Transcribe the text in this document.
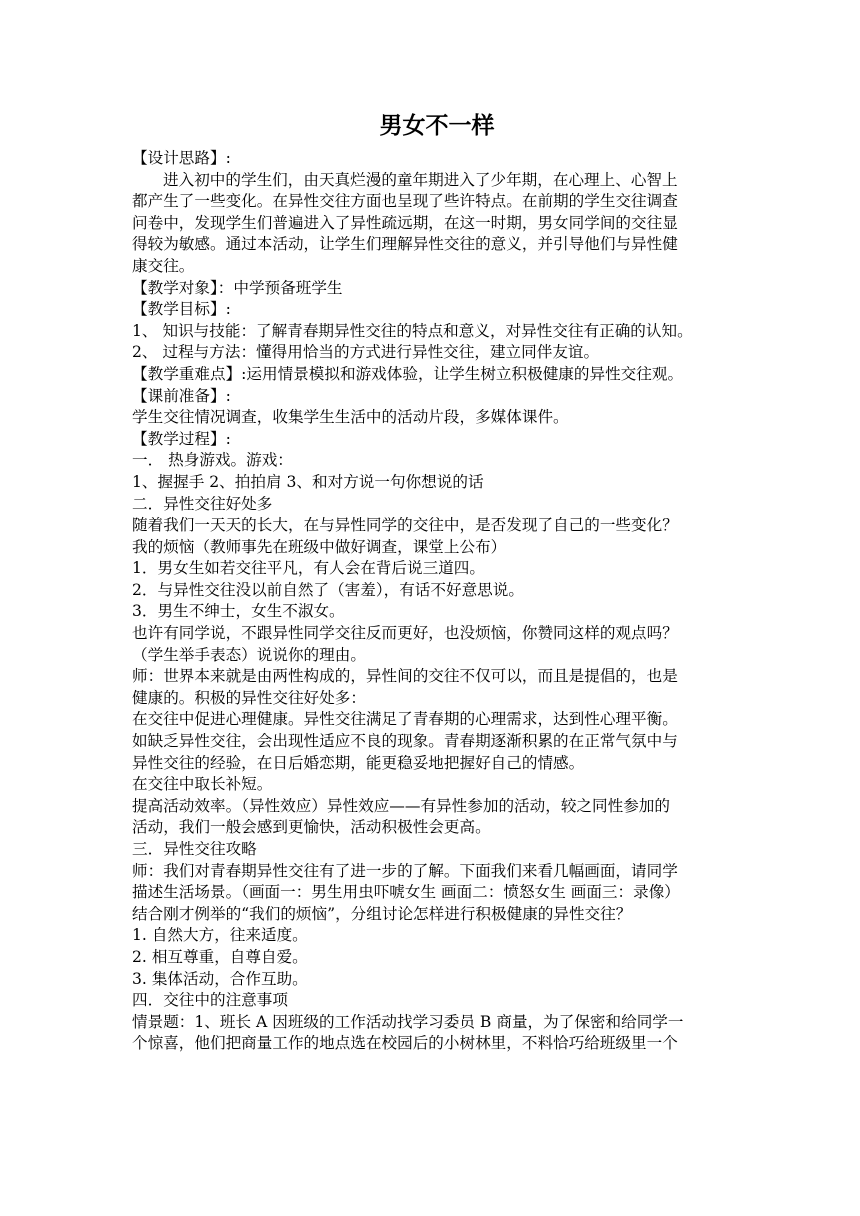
男女不一样

【设计思路】:

进入初中的学生们，由天真烂漫的童年期进入了少年期，在心理上、心智上

都产生了一些变化。在异性交往方面也呈现了些许特点。在前期的学生交往调查

问卷中，发现学生们普遍进入了异性疏远期，在这一时期，男女同学间的交往显

得较为敏感。通过本活动，让学生们理解异性交往的意义，并引导他们与异性健

康交往。

【教学对象】：中学预备班学生

【教学目标】:

1、 知识与技能：了解青春期异性交往的特点和意义，对异性交往有正确的认知。

2、 过程与方法：懂得用恰当的方式进行异性交往，建立同伴友谊。

【教学重难点】:运用情景模拟和游戏体验，让学生树立积极健康的异性交往观。

【课前准备】:

学生交往情况调查，收集学生生活中的活动片段，多媒体课件。

【教学过程】:

一． 热身游戏。游戏：

1、握握手 2、拍拍肩 3、和对方说一句你想说的话

二．异性交往好处多

随着我们一天天的长大，在与异性同学的交往中，是否发现了自己的一些变化？

我的烦恼（教师事先在班级中做好调查，课堂上公布）

1．男女生如若交往平凡，有人会在背后说三道四。

2．与异性交往没以前自然了（害羞），有话不好意思说。

3．男生不绅士，女生不淑女。

也许有同学说，不跟异性同学交往反而更好，也没烦恼，你赞同这样的观点吗？

（学生举手表态）说说你的理由。

师：世界本来就是由两性构成的，异性间的交往不仅可以，而且是提倡的，也是

健康的。积极的异性交往好处多：

在交往中促进心理健康。异性交往满足了青春期的心理需求，达到性心理平衡。

如缺乏异性交往，会出现性适应不良的现象。青春期逐渐积累的在正常气氛中与

异性交往的经验，在日后婚恋期，能更稳妥地把握好自己的情感。

在交往中取长补短。

提高活动效率。（异性效应）异性效应——有异性参加的活动，较之同性参加的

活动，我们一般会感到更愉快，活动积极性会更高。

三．异性交往攻略

师：我们对青春期异性交往有了进一步的了解。下面我们来看几幅画面，请同学

描述生活场景。（画面一：男生用虫吓唬女生 画面二：愤怒女生 画面三：录像）

结合刚才例举的“我们的烦恼”，分组讨论怎样进行积极健康的异性交往？

1. 自然大方，往来适度。

2. 相互尊重，自尊自爱。

3. 集体活动，合作互助。

四．交往中的注意事项

情景题：1、班长 A 因班级的工作活动找学习委员 B 商量，为了保密和给同学一

个惊喜，他们把商量工作的地点选在校园后的小树林里，不料恰巧给班级里一个
